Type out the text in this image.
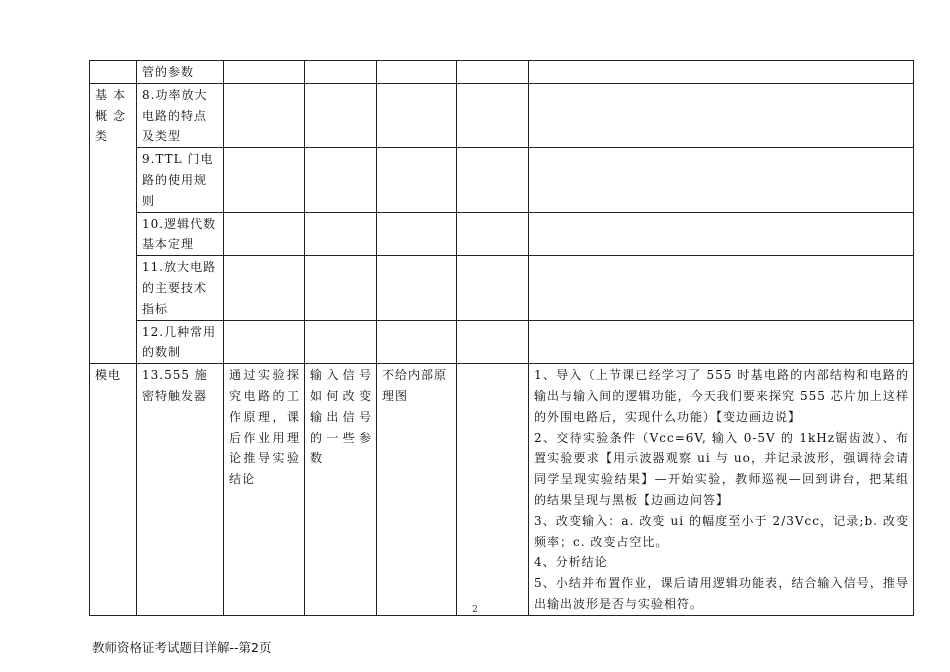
	管的参数					
基本概念类	8.功率放大电路的特点及类型					
	9.TTL 门电路的使用规则					
	10.逻辑代数基本定理					
	11.放大电路的主要技术指标					
	12.几种常用的数制					
模电	13.555 施密特触发器	通过实验探究电路的工作原理，课后作业用理论推导实验结论	输入信号如何改变输出信号的一些参数	不给内部原理图		1、导入（上节课已经学习了 555 时基电路的内部结构和电路的输出与输入间的逻辑功能，今天我们要来探究 555 芯片加上这样的外围电路后，实现什么功能）【变边画边说】
2、交待实验条件（Vcc=6V, 输入 0-5V 的 1kHz锯齿波）、布置实验要求【用示波器观察 ui 与 uo，并记录波形，强调待会请同学呈现实验结果】—开始实验，教师巡视—回到讲台，把某组的结果呈现与黑板【边画边问答】
3、改变输入：a. 改变 ui 的幅度至小于 2/3Vcc，记录;b. 改变频率；c. 改变占空比。
4、分析结论
5、小结并布置作业，课后请用逻辑功能表，结合输入信号，推导出输出波形是否与实验相符。
2
教师资格证考试题目详解--第2页
